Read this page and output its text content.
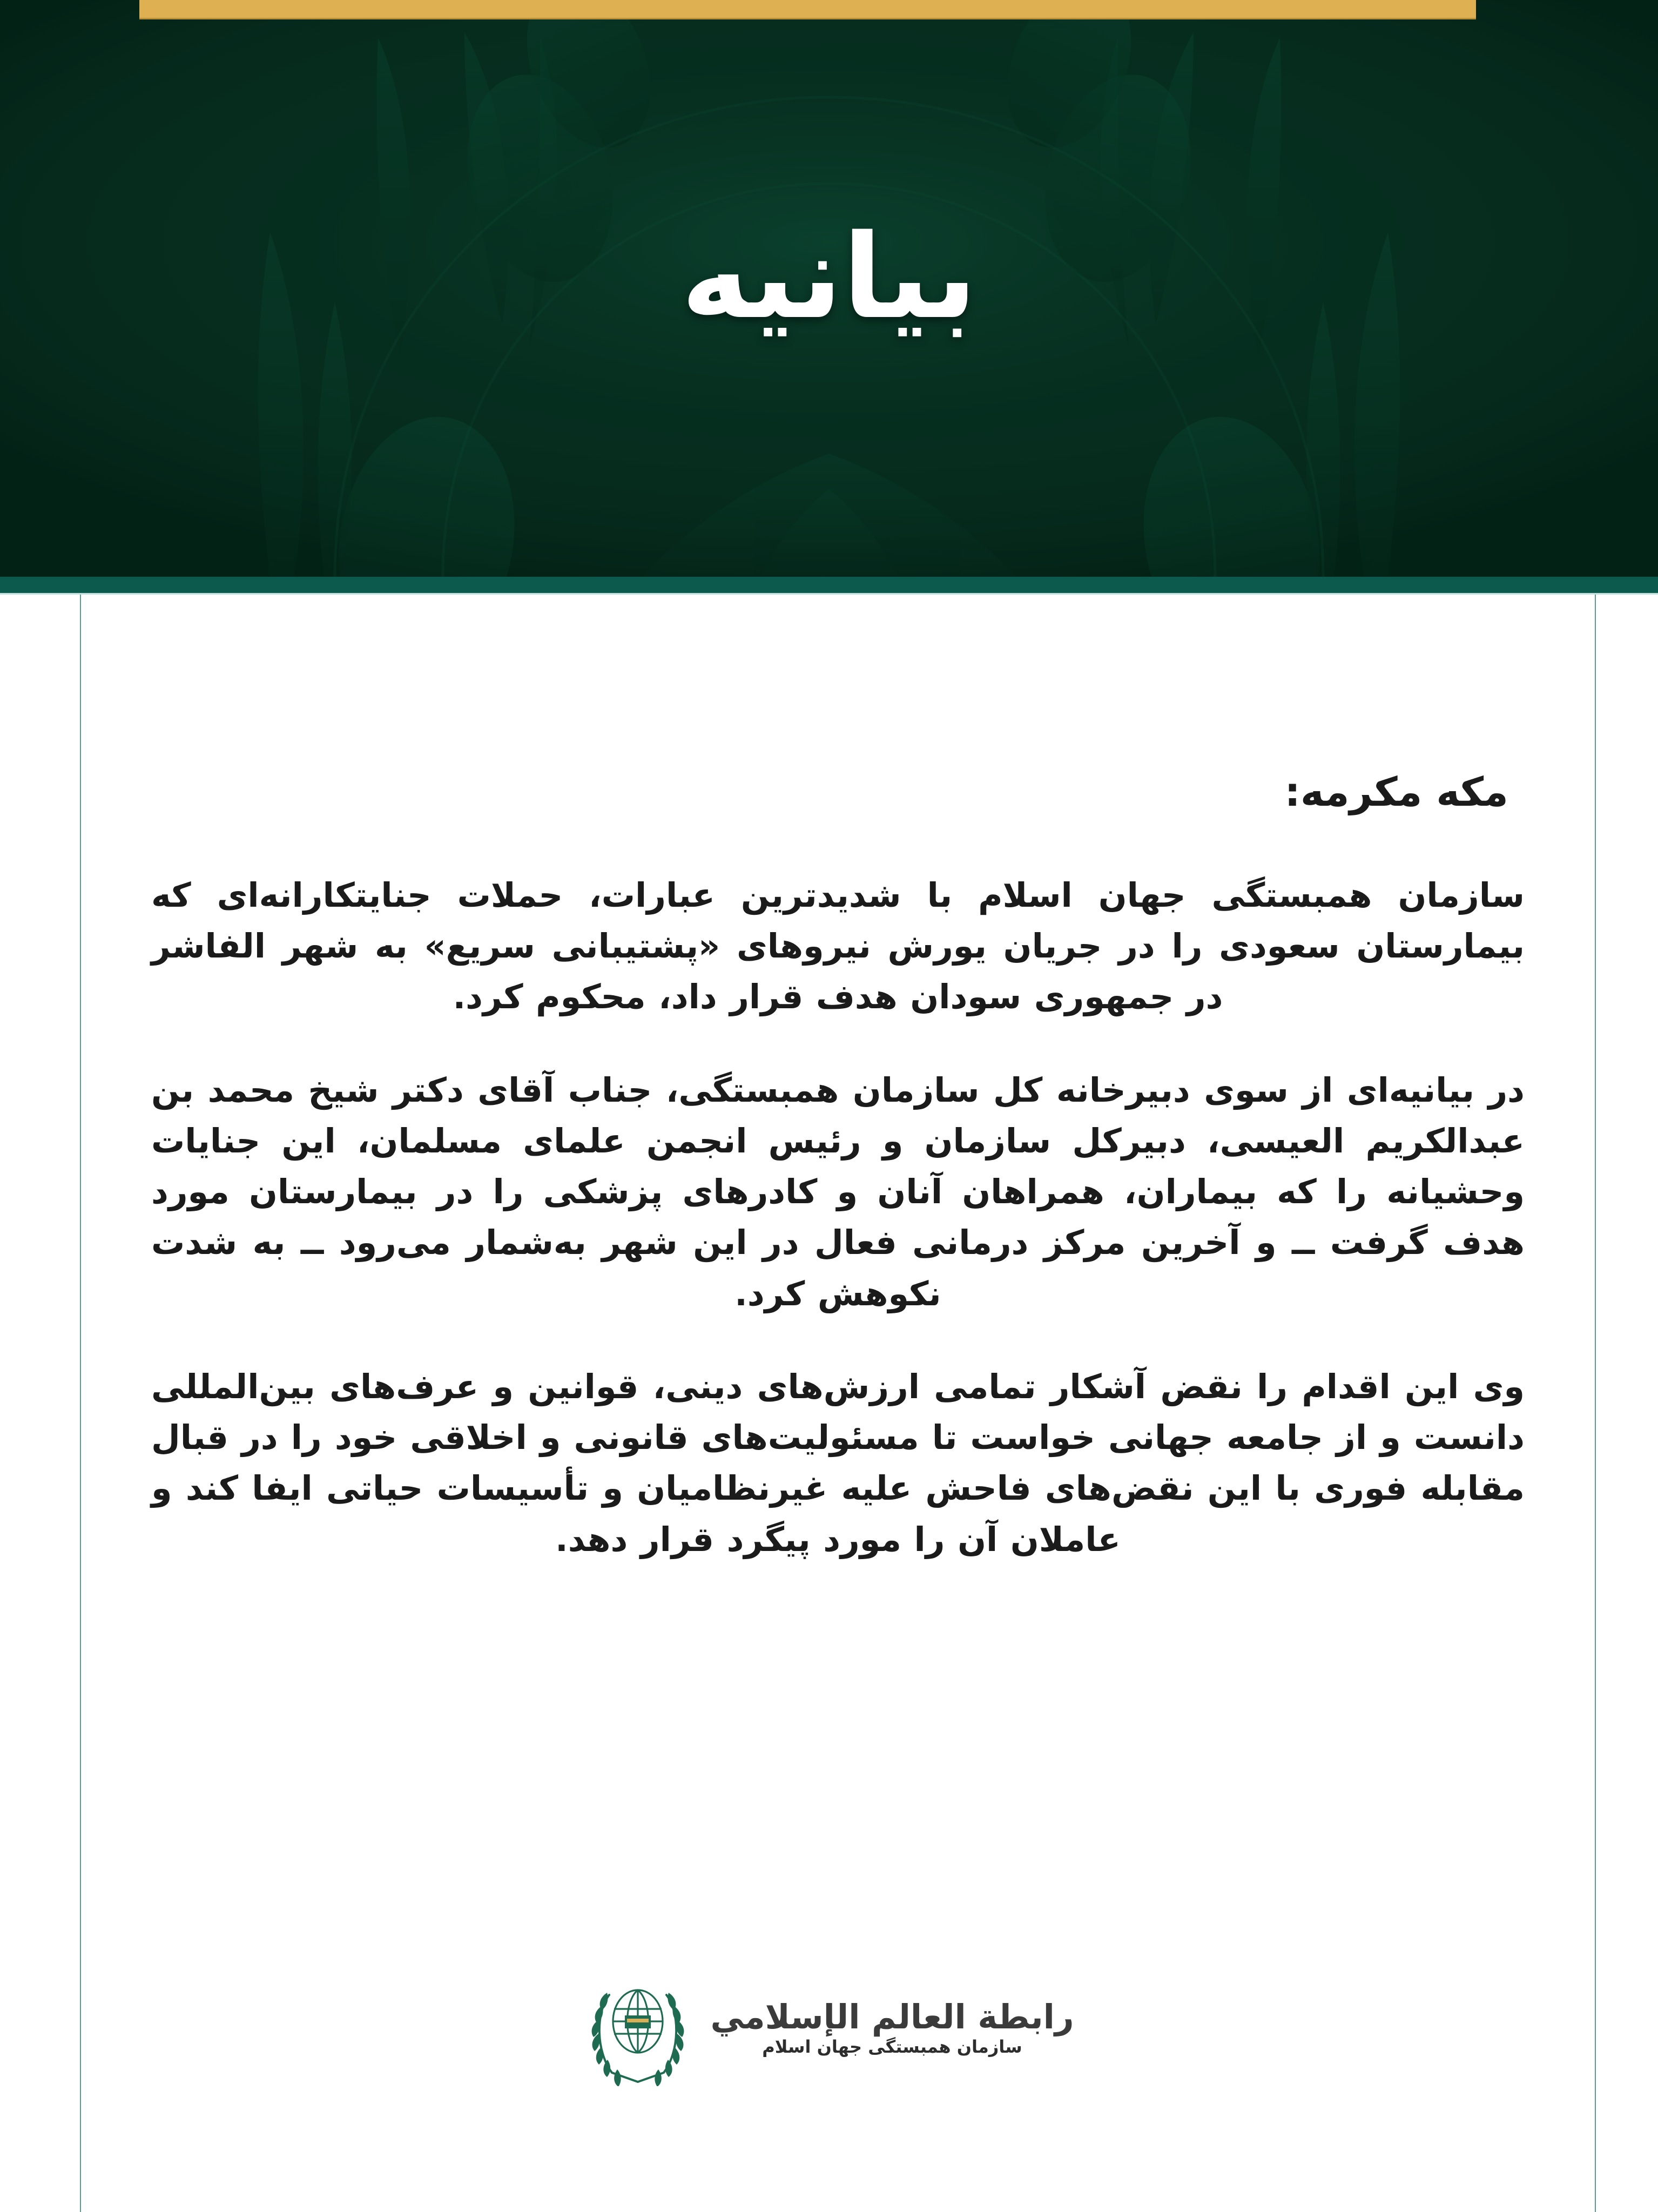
بیانیه
مکه مکرمه:

سازمان همبستگی جهان اسلام با شدیدترین عبارات، حملات جنایتکارانه‌ای که بیمارستان سعودی را در جریان یورش نیروهای «پشتیبانی سریع» به شهر الفاشر در جمهوری سودان هدف قرار داد، محکوم کرد.

در بیانیه‌ای از سوی دبیرخانه کل سازمان همبستگی، جناب آقای دکتر شیخ محمد بن عبدالکریم العیسی، دبیرکل سازمان و رئیس انجمن علمای مسلمان، این جنایات وحشیانه را که بیماران، همراهان آنان و کادرهای پزشکی را در بیمارستان مورد هدف گرفت ــ و آخرین مرکز درمانی فعال در این شهر به‌شمار می‌رود ــ به شدت نکوهش کرد.

وی این اقدام را نقض آشکار تمامی ارزش‌های دینی، قوانین و عرف‌های بین‌المللی دانست و از جامعه جهانی خواست تا مسئولیت‌های قانونی و اخلاقی خود را در قبال مقابله فوری با این نقض‌های فاحش علیه غیرنظامیان و تأسیسات حیاتی ایفا کند و عاملان آن را مورد پیگرد قرار دهد.

رابطة العالم الإسلامي
سازمان همبستگی جهان اسلام
